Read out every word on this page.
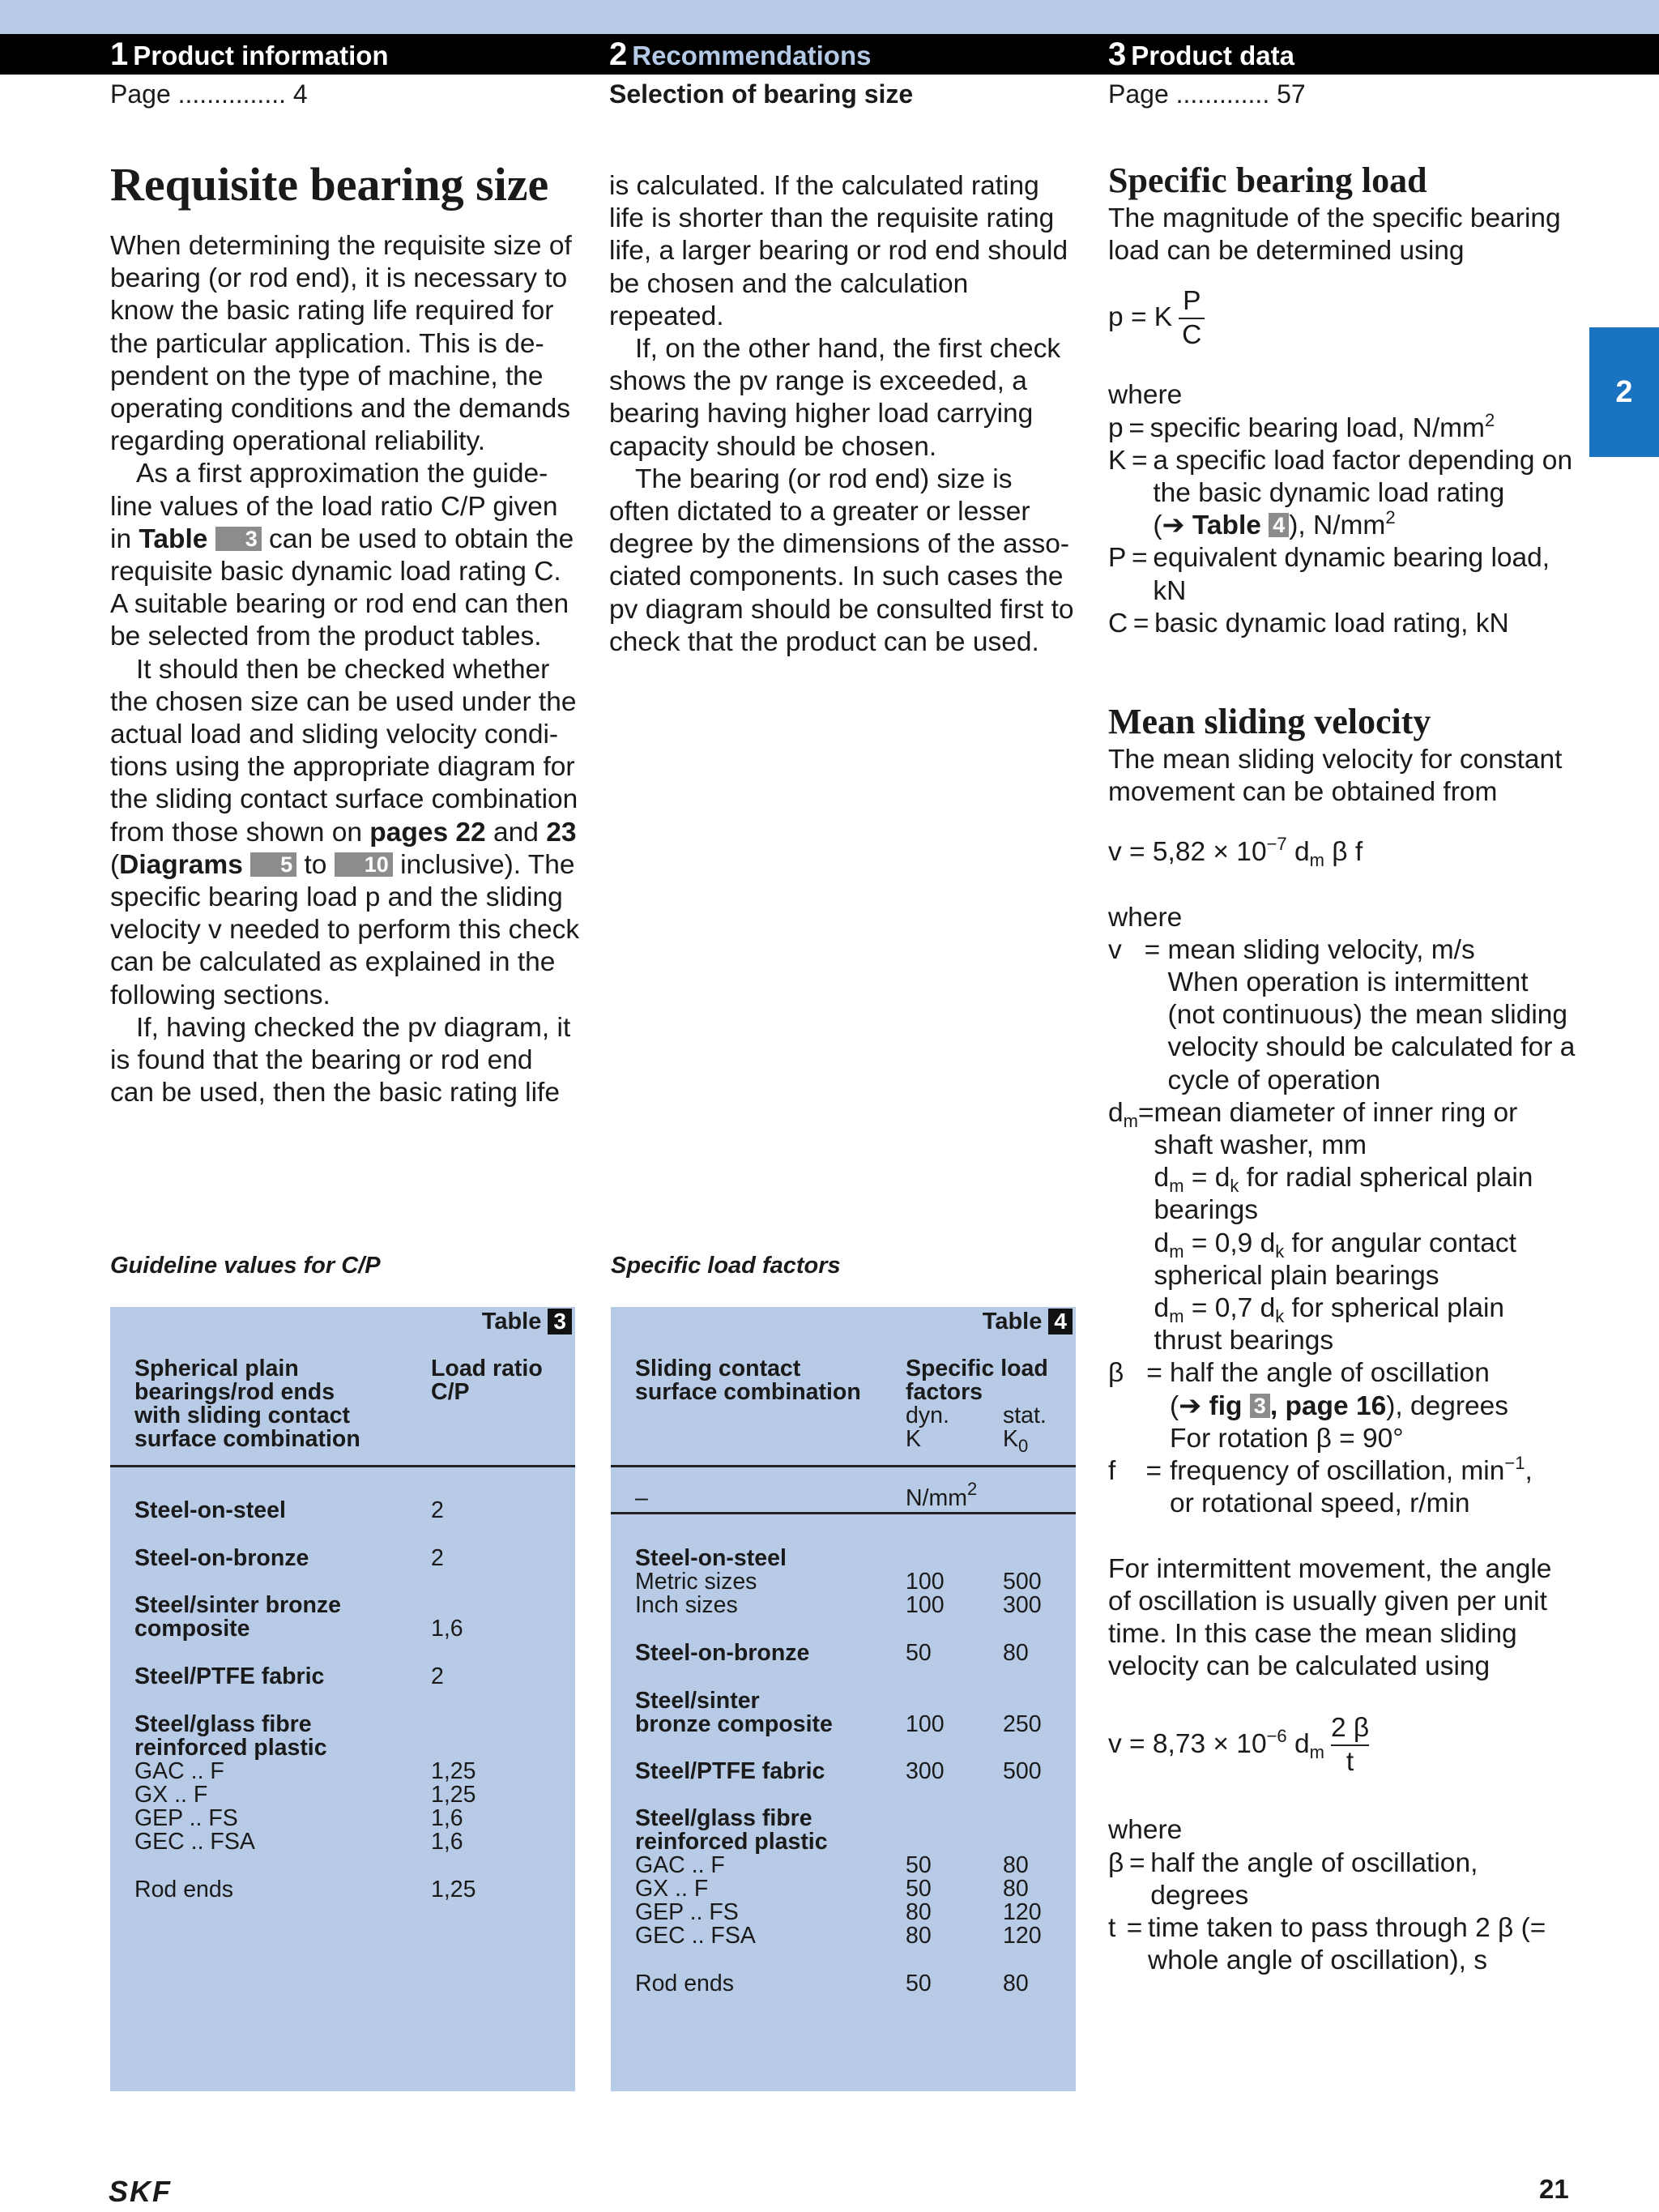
1 Product information	2 Recommendations	3 Product data
Page ............... 4	Selection of bearing size	Page ............. 57
2
Requisite bearing size

When determining the requisite size of bearing (or rod end), it is necessary to know the basic rating life required for the particular application. This is de-pendent on the type of machine, the operating conditions and the demands regarding operational reliability.

As a first approximation the guide-line values of the load ratio C/P given in Table 3 can be used to obtain the requisite basic dynamic load rating C. A suitable bearing or rod end can then be selected from the product tables.

It should then be checked whether the chosen size can be used under the actual load and sliding velocity condi-tions using the appropriate diagram for the sliding contact surface combination from those shown on pages 22 and 23 (Diagrams 5 to 10 inclusive). The specific bearing load p and the sliding velocity v needed to perform this check can be calculated as explained in the following sections.

If, having checked the pv diagram, it is found that the bearing or rod end can be used, then the basic rating life

is calculated. If the calculated rating life is shorter than the requisite rating life, a larger bearing or rod end should be chosen and the calculation repeated.

If, on the other hand, the first check shows the pv range is exceeded, a bearing having higher load carrying capacity should be chosen.

The bearing (or rod end) size is often dictated to a greater or lesser degree by the dimensions of the asso-ciated components. In such cases the pv diagram should be consulted first to check that the product can be used.

Specific bearing load

The magnitude of the specific bearing load can be determined using

p = K $\frac{P}{C}$

where

p =  specific bearing load, $N/mm^2$
K =  a specific load factor depending on the basic dynamic load rating
(➔ Table 4 ), $N/mm^2$
P =  equivalent dynamic bearing load, kN
C =  basic dynamic load rating, kN
Mean sliding velocity

The mean sliding velocity for constant movement can be obtained from

$v = 5,82 \times 10^{-7}$ $d_m$ β f

where

v   = mean sliding velocity, m/s
When operation is intermittent (not continuous) the mean sliding velocity should be calculated for a cycle of operation
$d_m=$ mean diameter of inner ring or shaft washer, mm
$d_m = d_k$ for radial spherical plain bearings
$d_m = 0,9$ $d_k$ for angular contact spherical plain bearings
$d_m = 0,7$ $d_k$ for spherical plain thrust bearings
β   = half the angle of oscillation
(➔ fig 3 , page 16), degrees
For rotation β = 90°
f    = frequency of oscillation, $\min^{-1}$,
or rotational speed, r/min

For intermittent movement, the angle of oscillation is usually given per unit time. In this case the mean sliding velocity can be calculated using

$v = 8,73 \times 10^{-6}$ $d_m \frac{2 \beta}{t}$

where

β =  half the angle of oscillation, degrees
t  =  time taken to pass through 2 β (= whole angle of oscillation), s
Guideline values for C/P	Specific load factors
Table 3
Spherical plain
bearings/rod ends
with sliding contact
surface combination
Load ratio
C/P
Steel-on-steel	2
Steel-on-bronze	2
Steel/sinter bronze
composite	1,6
Steel/PTFE fabric	2
Steel/glass fibre
reinforced plastic
GAC .. F	1,25
GX .. F	1,25
GEP .. FS	1,6
GEC .. FSA	1,6
Rod ends	1,25
Table 4
Sliding contact
surface combination
Specific load
factors
dyn. stat.
K	$K_0$
–	$N/mm^2$
Steel-on-steel
Metric sizes	100	500
Inch sizes	100	300
Steel-on-bronze	50	80
Steel/sinter
bronze composite	100	250
Steel/PTFE fabric	300	500
Steel/glass fibre
reinforced plastic
GAC .. F	50	80
GX .. F	50	80
GEP .. FS	80	120
GEC .. FSA	80	120
Rod ends	50	80
SKF	21
